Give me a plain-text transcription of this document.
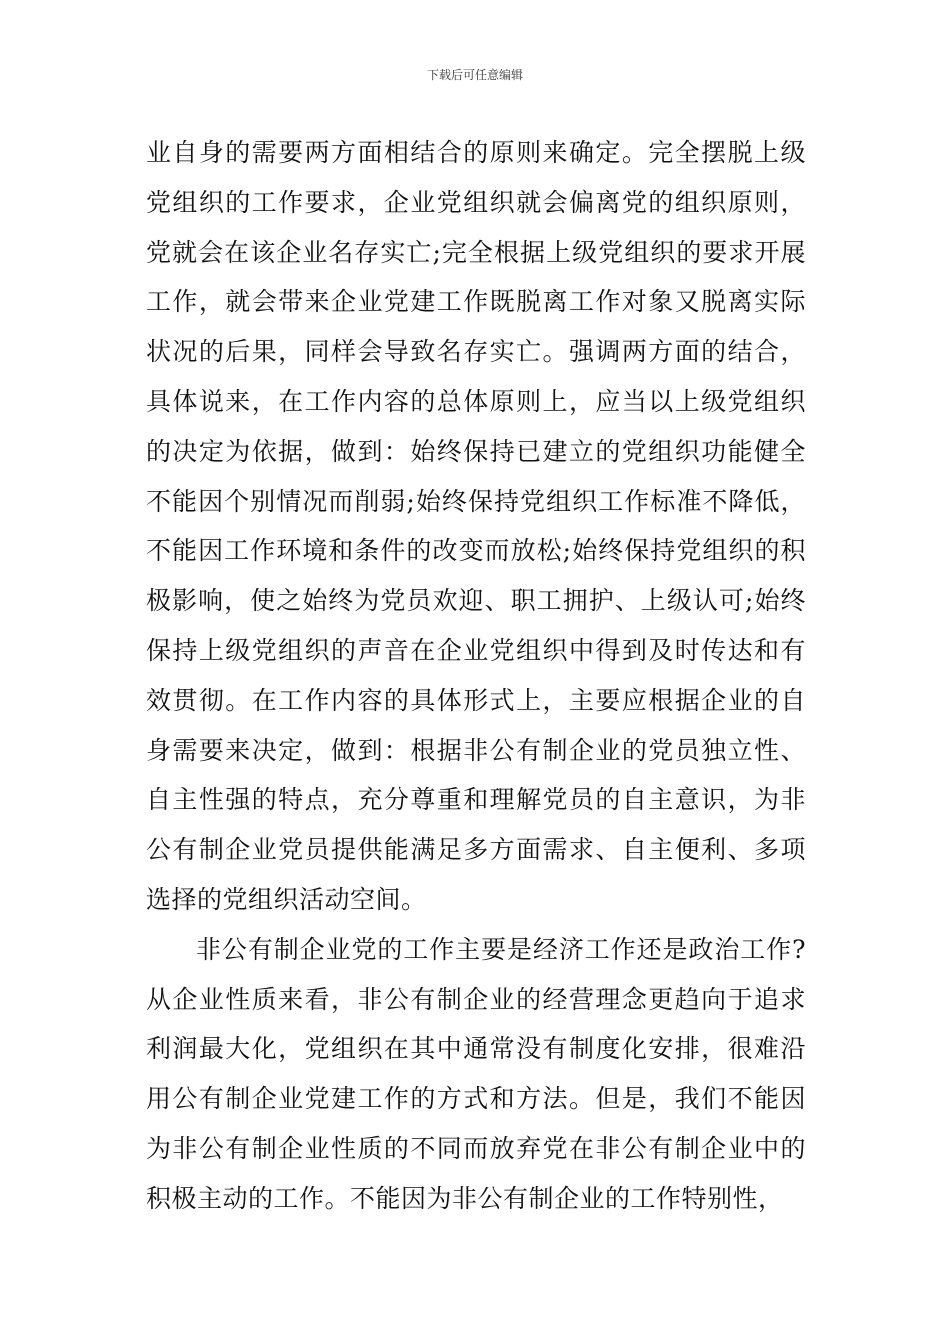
下载后可任意编辑

业自身的需要两方面相结合的原则来确定。完全摆脱上级党组织的工作要求，企业党组织就会偏离党的组织原则，党就会在该企业名存实亡;完全根据上级党组织的要求开展工作，就会带来企业党建工作既脱离工作对象又脱离实际状况的后果，同样会导致名存实亡。强调两方面的结合，具体说来，在工作内容的总体原则上，应当以上级党组织的决定为依据，做到：始终保持已建立的党组织功能健全不能因个别情况而削弱;始终保持党组织工作标准不降低，不能因工作环境和条件的改变而放松;始终保持党组织的积极影响，使之始终为党员欢迎、职工拥护、上级认可;始终保持上级党组织的声音在企业党组织中得到及时传达和有效贯彻。在工作内容的具体形式上，主要应根据企业的自身需要来决定，做到：根据非公有制企业的党员独立性、自主性强的特点，充分尊重和理解党员的自主意识，为非公有制企业党员提供能满足多方面需求、自主便利、多项选择的党组织活动空间。

非公有制企业党的工作主要是经济工作还是政治工作?从企业性质来看，非公有制企业的经营理念更趋向于追求利润最大化，党组织在其中通常没有制度化安排，很难沿用公有制企业党建工作的方式和方法。但是，我们不能因为非公有制企业性质的不同而放弃党在非公有制企业中的积极主动的工作。不能因为非公有制企业的工作特别性，
